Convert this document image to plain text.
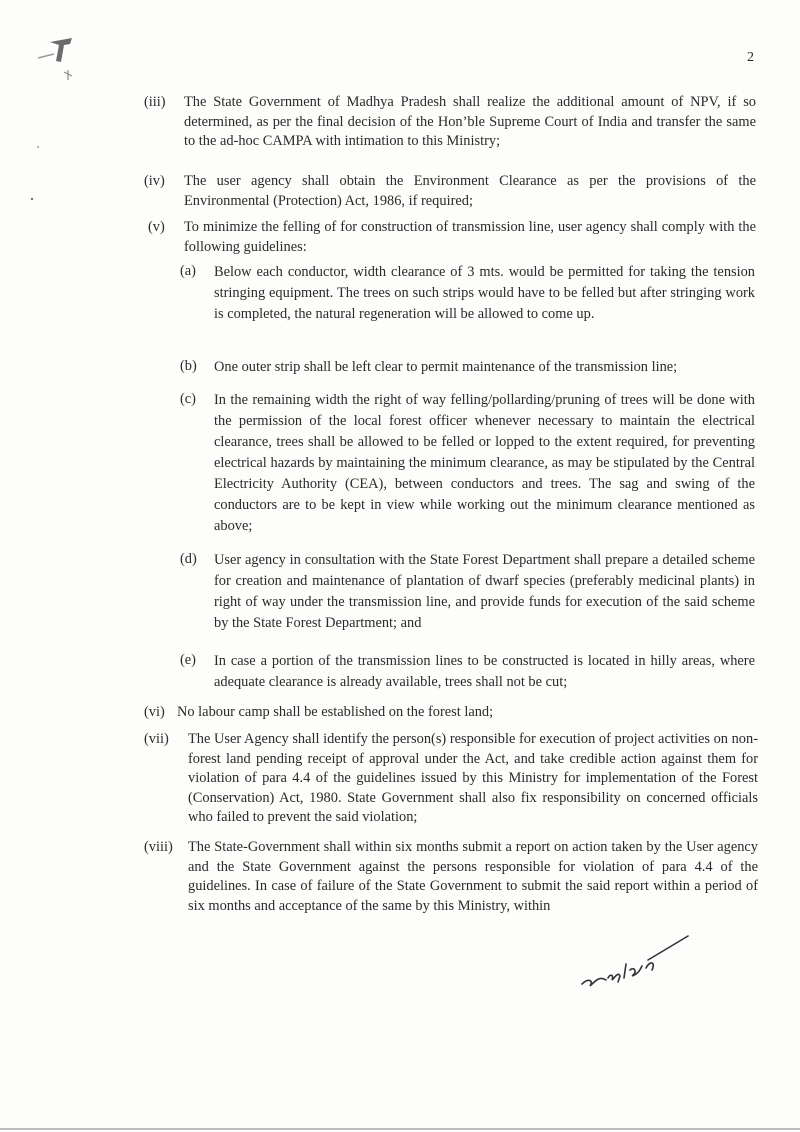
2
(iii) The State Government of Madhya Pradesh shall realize the additional amount of NPV, if so determined, as per the final decision of the Hon’ble Supreme Court of India and transfer the same to the ad-hoc CAMPA with intimation to this Ministry;
(iv) The user agency shall obtain the Environment Clearance as per the provisions of the Environmental (Protection) Act, 1986, if required;
(v) To minimize the felling of for construction of transmission line, user agency shall comply with the following guidelines:
(a) Below each conductor, width clearance of 3 mts. would be permitted for taking the tension stringing equipment. The trees on such strips would have to be felled but after stringing work is completed, the natural regeneration will be allowed to come up.
(b) One outer strip shall be left clear to permit maintenance of the transmission line;
(c) In the remaining width the right of way felling/pollarding/pruning of trees will be done with the permission of the local forest officer whenever necessary to maintain the electrical clearance, trees shall be allowed to be felled or lopped to the extent required, for preventing electrical hazards by maintaining the minimum clearance, as may be stipulated by the Central Electricity Authority (CEA), between conductors and trees. The sag and swing of the conductors are to be kept in view while working out the minimum clearance mentioned as above;
(d) User agency in consultation with the State Forest Department shall prepare a detailed scheme for creation and maintenance of plantation of dwarf species (preferably medicinal plants) in right of way under the transmission line, and provide funds for execution of the said scheme by the State Forest Department; and
(e) In case a portion of the transmission lines to be constructed is located in hilly areas, where adequate clearance is already available, trees shall not be cut;
(vi) No labour camp shall be established on the forest land;
(vii) The User Agency shall identify the person(s) responsible for execution of project activities on non-forest land pending receipt of approval under the Act, and take credible action against them for violation of para 4.4 of the guidelines issued by this Ministry for implementation of the Forest (Conservation) Act, 1980. State Government shall also fix responsibility on concerned officials who failed to prevent the said violation;
(viii) The State-Government shall within six months submit a report on action taken by the User agency and the State Government against the persons responsible for violation of para 4.4 of the guidelines. In case of failure of the State Government to submit the said report within a period of six months and acceptance of the same by this Ministry, within
